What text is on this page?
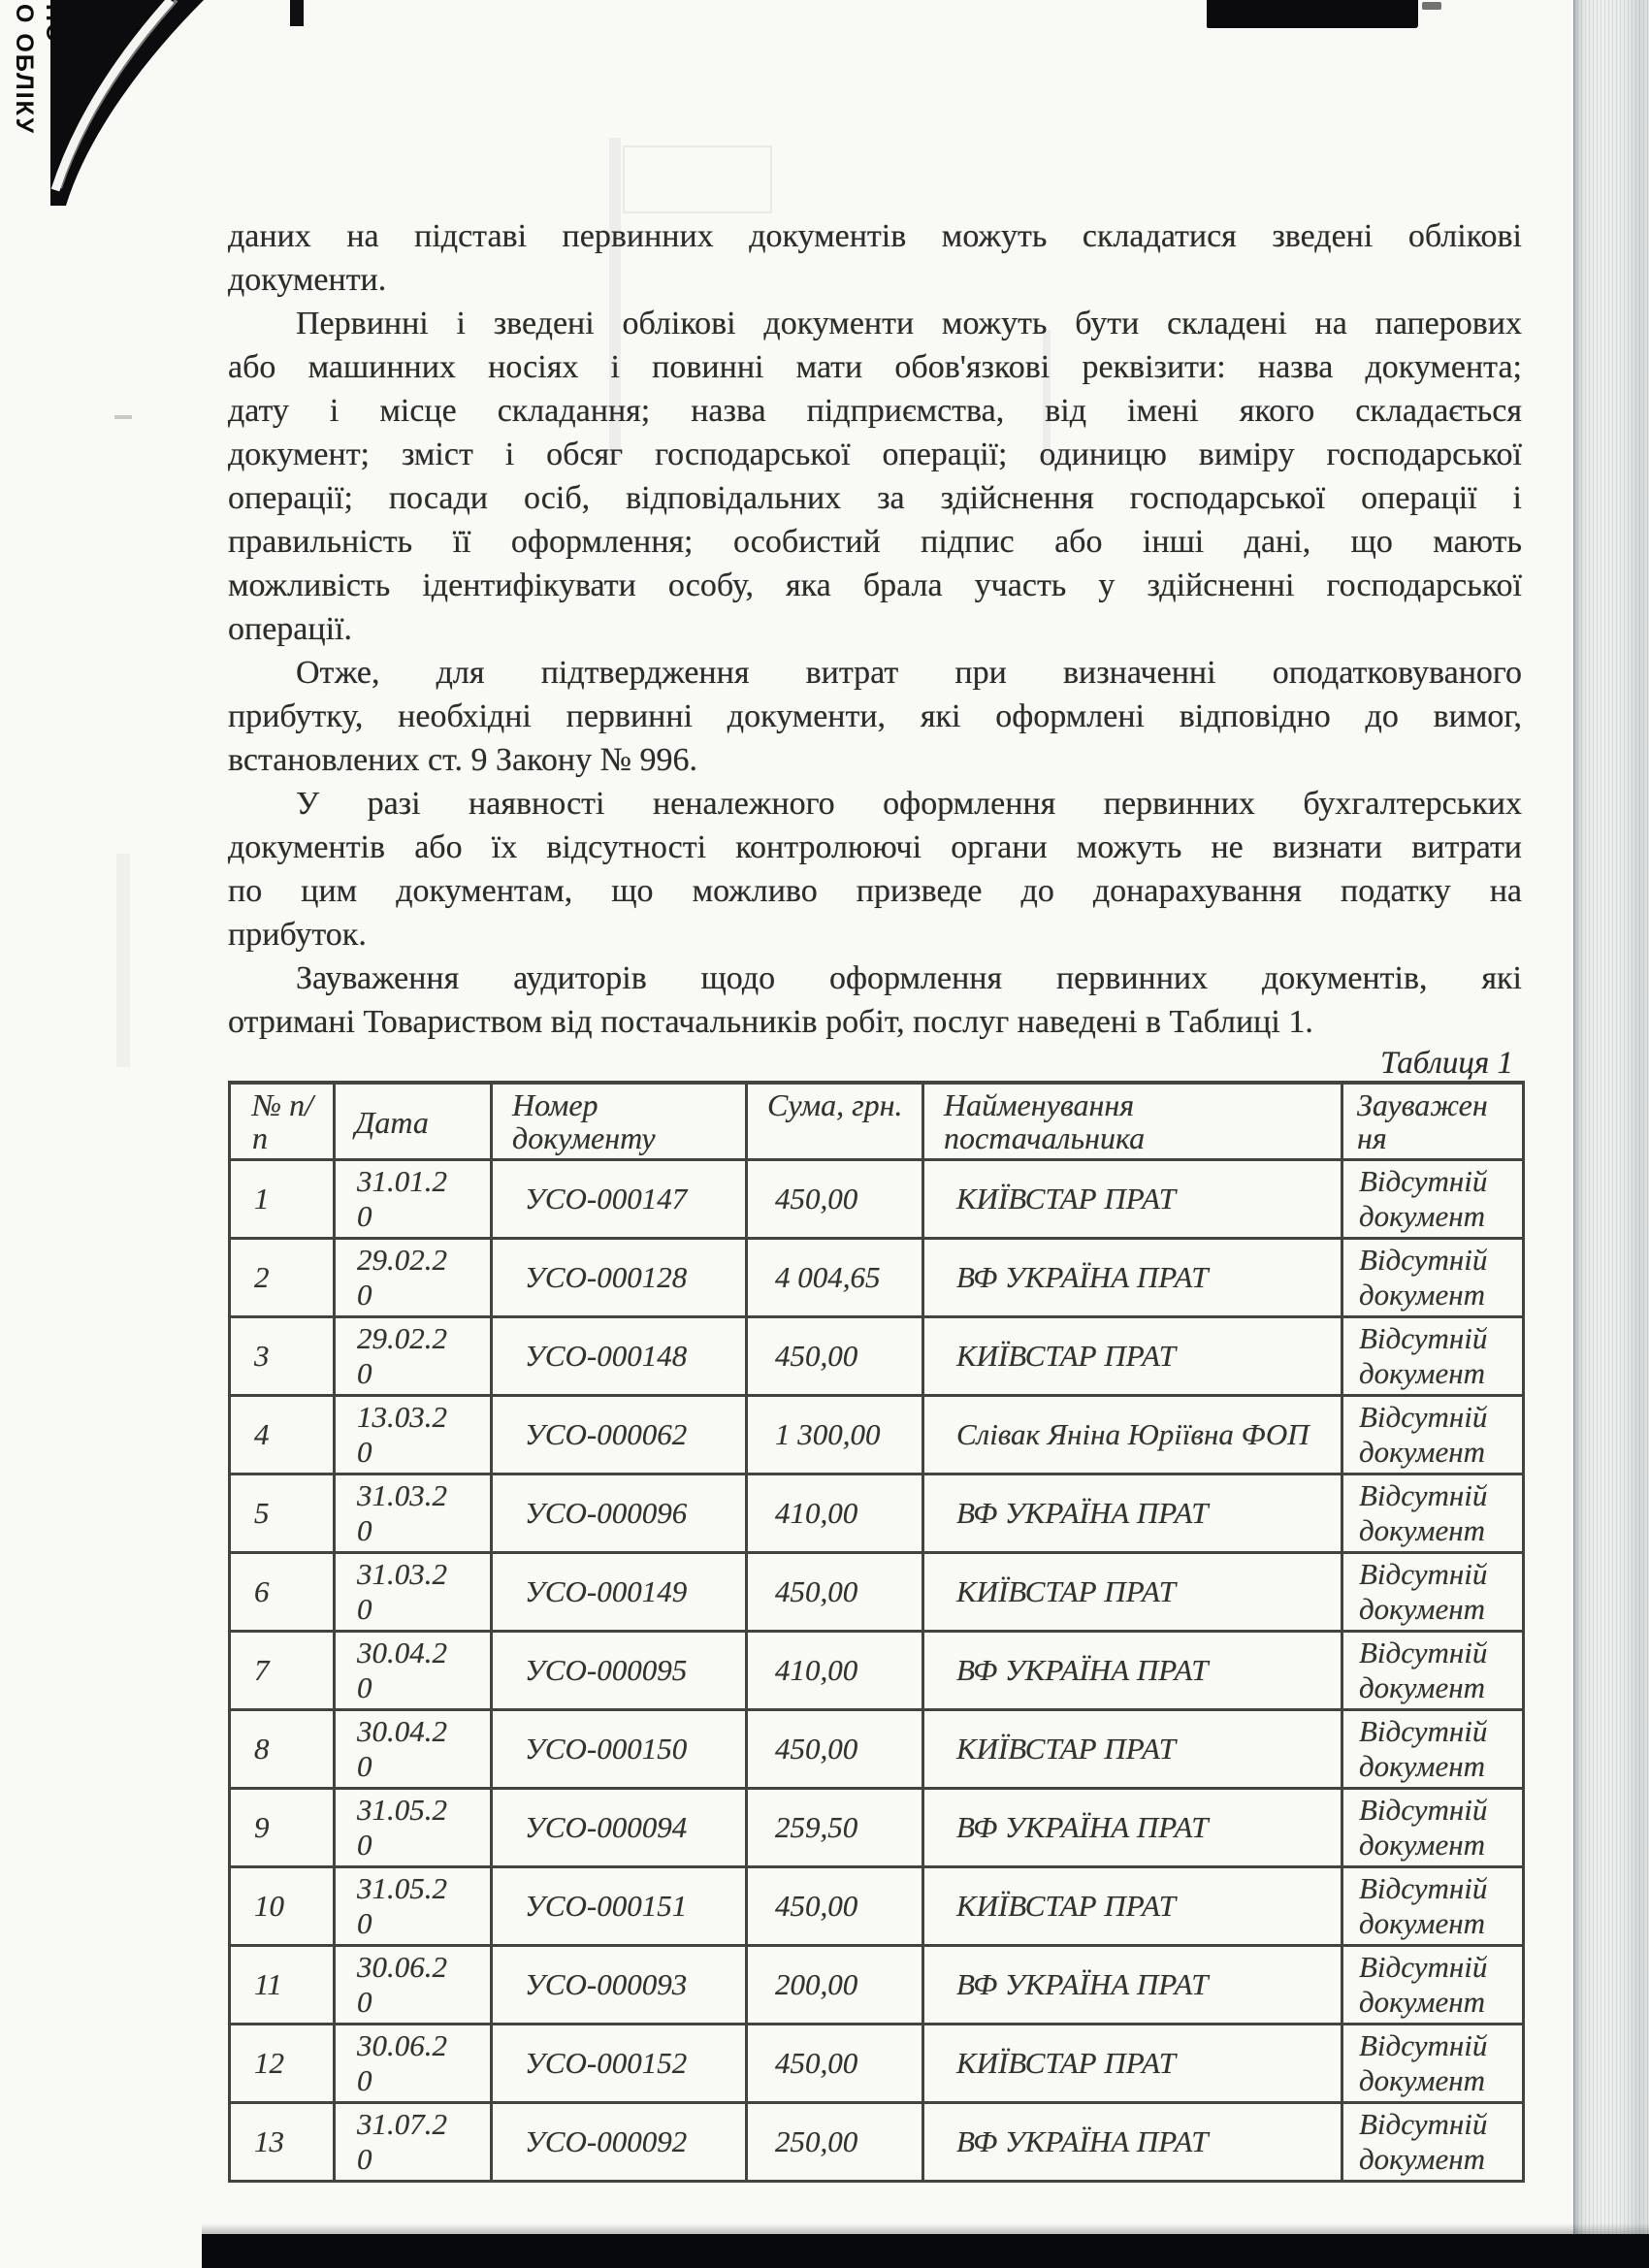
О ОБЛІКУ ПО
даних на підставі первинних документів можуть складатися зведені облікові
документи.
Первинні і зведені облікові документи можуть бути складені на паперових
або машинних носіях і повинні мати обов'язкові реквізити: назва документа;
дату і місце складання; назва підприємства, від імені якого складається
документ; зміст і обсяг господарської операції; одиницю виміру господарської
операції; посади осіб, відповідальних за здійснення господарської операції і
правильність її оформлення; особистий підпис або інші дані, що мають
можливість ідентифікувати особу, яка брала участь у здійсненні господарської
операції.
Отже, для підтвердження витрат при визначенні оподатковуваного
прибутку, необхідні первинні документи, які оформлені відповідно до вимог,
встановлених ст. 9 Закону № 996.
У разі наявності неналежного оформлення первинних бухгалтерських
документів або їх відсутності контролюючі органи можуть не визнати витрати
по цим документам, що можливо призведе до донарахування податку на
прибуток.
Зауваження аудиторів щодо оформлення первинних документів, які
отримані Товариством від постачальників робіт, послуг наведені в Таблиці 1.
Таблиця 1
№ п/п	Дата	Номер документу	Сума, грн.	Найменування постачальника	Зауваження
1	31.01.20	УСО-000147	450,00	КИЇВСТАР ПРАТ	Відсутній документ
2	29.02.20	УСО-000128	4 004,65	ВФ УКРАЇНА ПРАТ	Відсутній документ
3	29.02.20	УСО-000148	450,00	КИЇВСТАР ПРАТ	Відсутній документ
4	13.03.20	УСО-000062	1 300,00	Слівак Яніна Юріївна ФОП	Відсутній документ
5	31.03.20	УСО-000096	410,00	ВФ УКРАЇНА ПРАТ	Відсутній документ
6	31.03.20	УСО-000149	450,00	КИЇВСТАР ПРАТ	Відсутній документ
7	30.04.20	УСО-000095	410,00	ВФ УКРАЇНА ПРАТ	Відсутній документ
8	30.04.20	УСО-000150	450,00	КИЇВСТАР ПРАТ	Відсутній документ
9	31.05.20	УСО-000094	259,50	ВФ УКРАЇНА ПРАТ	Відсутній документ
10	31.05.20	УСО-000151	450,00	КИЇВСТАР ПРАТ	Відсутній документ
11	30.06.20	УСО-000093	200,00	ВФ УКРАЇНА ПРАТ	Відсутній документ
12	30.06.20	УСО-000152	450,00	КИЇВСТАР ПРАТ	Відсутній документ
13	31.07.20	УСО-000092	250,00	ВФ УКРАЇНА ПРАТ	Відсутній документ
